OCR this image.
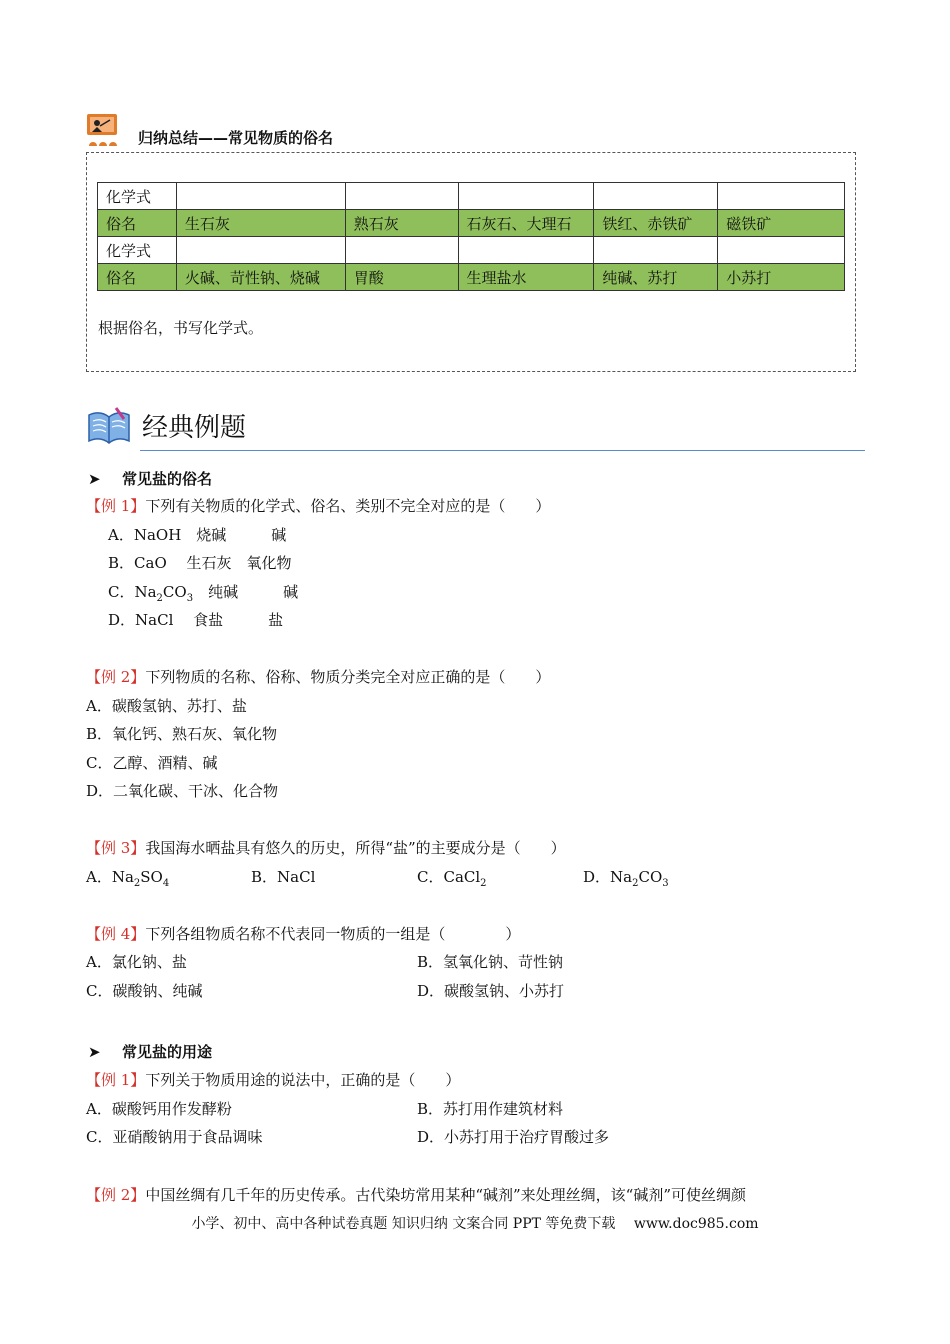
归纳总结——常见物质的俗名
化学式					
俗名	生石灰	熟石灰	石灰石、大理石	铁红、赤铁矿	磁铁矿
化学式					
俗名	火碱、苛性钠、烧碱	胃酸	生理盐水	纯碱、苏打	小苏打
根据俗名，书写化学式。
经典例题
➤ 常见盐的俗名
【例 1】下列有关物质的化学式、俗名、类别不完全对应的是（　　）
A．NaOH　烧碱　　　碱
B．CaO　 生石灰　氧化物
C．$Na_2CO_3$　纯碱　　　碱
D．NaCl　 食盐　　　盐
【例 2】下列物质的名称、俗称、物质分类完全对应正确的是（　　）
A．碳酸氢钠、苏打、盐
B．氧化钙、熟石灰、氧化物
C．乙醇、酒精、碱
D．二氧化碳、干冰、化合物
【例 3】我国海水晒盐具有悠久的历史，所得“盐”的主要成分是（　　）
A．$Na_2SO_4$	B．NaCl	C．CaCl$_2$	D．$Na_2CO_3$
【例 4】下列各组物质名称不代表同一物质的一组是（　　　　）
A．氯化钠、盐	B．氢氧化钠、苛性钠
C．碳酸钠、纯碱	D．碳酸氢钠、小苏打
➤ 常见盐的用途
【例 1】下列关于物质用途的说法中，正确的是（　　）
A．碳酸钙用作发酵粉	B．苏打用作建筑材料
C．亚硝酸钠用于食品调味	D．小苏打用于治疗胃酸过多
【例 2】中国丝绸有几千年的历史传承。古代染坊常用某种“碱剂”来处理丝绸，该“碱剂”可使丝绸颜
小学、初中、高中各种试卷真题 知识归纳 文案合同 PPT 等免费下载　 www.doc985.com
